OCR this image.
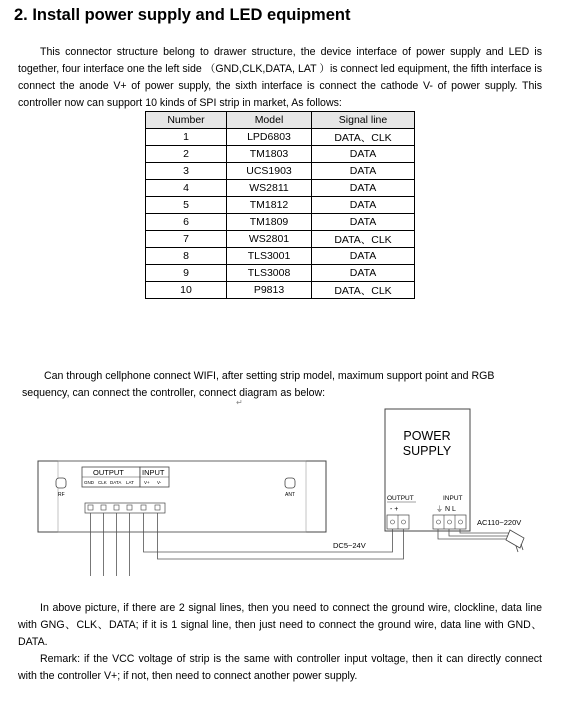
2. Install power supply and LED equipment

This connector structure belong to drawer structure, the device interface of power supply and LED is together, four interface one the left side （GND,CLK,DATA, LAT ）is connect led equipment, the fifth interface is connect the anode V+ of power supply, the sixth interface is connect the cathode V- of power supply. This controller now can support 10 kinds of SPI strip in market, As follows:

Number	Model	Signal line
1	LPD6803	DATA、CLK
2	TM1803	DATA
3	UCS1903	DATA
4	WS2811	DATA
5	TM1812	DATA
6	TM1809	DATA
7	WS2801	DATA、CLK
8	TLS3001	DATA
9	TLS3008	DATA
10	P9813	DATA、CLK

Can through cellphone connect WIFI, after setting strip model, maximum support point and RGB sequency, can connect the controller, connect diagram as below:

↵
POWER
SUPPLY
OUTPUT
- +
INPUT
⏚ N L
AC110~220V
RF	ANT
OUTPUT INPUT
GND CLK DATA LAT V+ V-
DC5~24V

In above picture, if there are 2 signal lines, then you need to connect the ground wire, clockline, data line with GNG、CLK、DATA; if it is 1 signal line, then just need to connect the ground wire, data line with GND、DATA.

Remark: if the VCC voltage of strip is the same with controller input voltage, then it can directly connect with the controller V+; if not, then need to connect another power supply.
